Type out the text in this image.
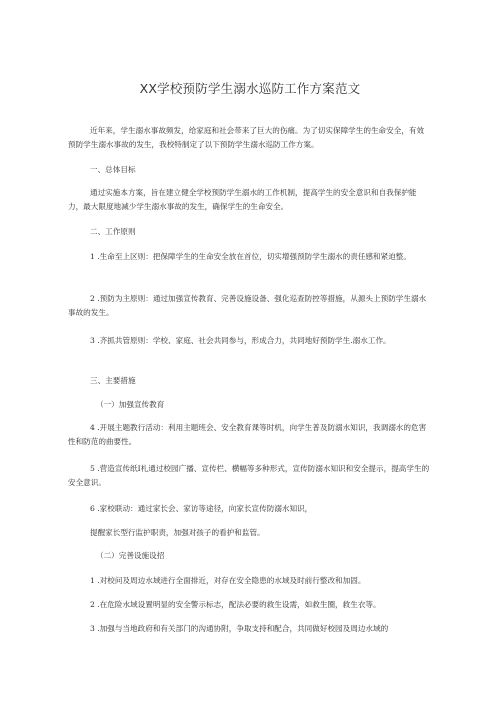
XX学校预防学生溺水巡防工作方案范文
近年来，学生溺水事故频发，给家庭和社会带来了巨大的伤痛。为了切实保障学生的生命安全，有效预防学生溺水事故的发生，我校特制定了以下预防学生溺水巡防工作方案。
一、总体目标
通过实施本方案，旨在建立健全学校预防学生溺水的工作机制，提高学生的安全意识和自我保护能力，最大限度地减少学生溺水事故的发生，确保学生的生命安全。
二、工作原则
1 .生命至上区则：把保障学生的生命安全放在首位，切实增强预防学生溺水的责任感和紧迫整。
2 .预防为主原则：通过加强宣传教育、完善设施设备、强化巡查防控等措施，从源头上预防学生溺水事故的发生。
3 .齐抓共管原则：学校、家庭、社会共同参与，形成合力，共同地好预防学生.溺水工作。
三、主要措施
（一）加强宣传教育
4 .开展主题教行活动：利用主题班会、安全教育课等时机，向学生普及防溺水知识，我调溺水的危害性和防范的曲要性。
5 .营造宣传纸I札通过校园广播、宣传栏、横幅等多种形式，宣传防溺水知识和安全提示，提高学生的安全意识。
6 .家校联动：通过家长会、家访等途径，向家长宣传防溺水知识，
提醒家长型行监护职责，加强对孩子的看护和监管。
（二）完善设施设招
1 .对校问及周边水域进行全面排近，对存在安全隐患的水域及时前行整改和加固。
2 .在危险水域设置明显的安全警示标志，配法必要的救生设需，如救生圈，救生衣等。
3 .加强与当地政府和有关部门的沟通协附，争取支持和配合，共同做好校园及周边水域的
